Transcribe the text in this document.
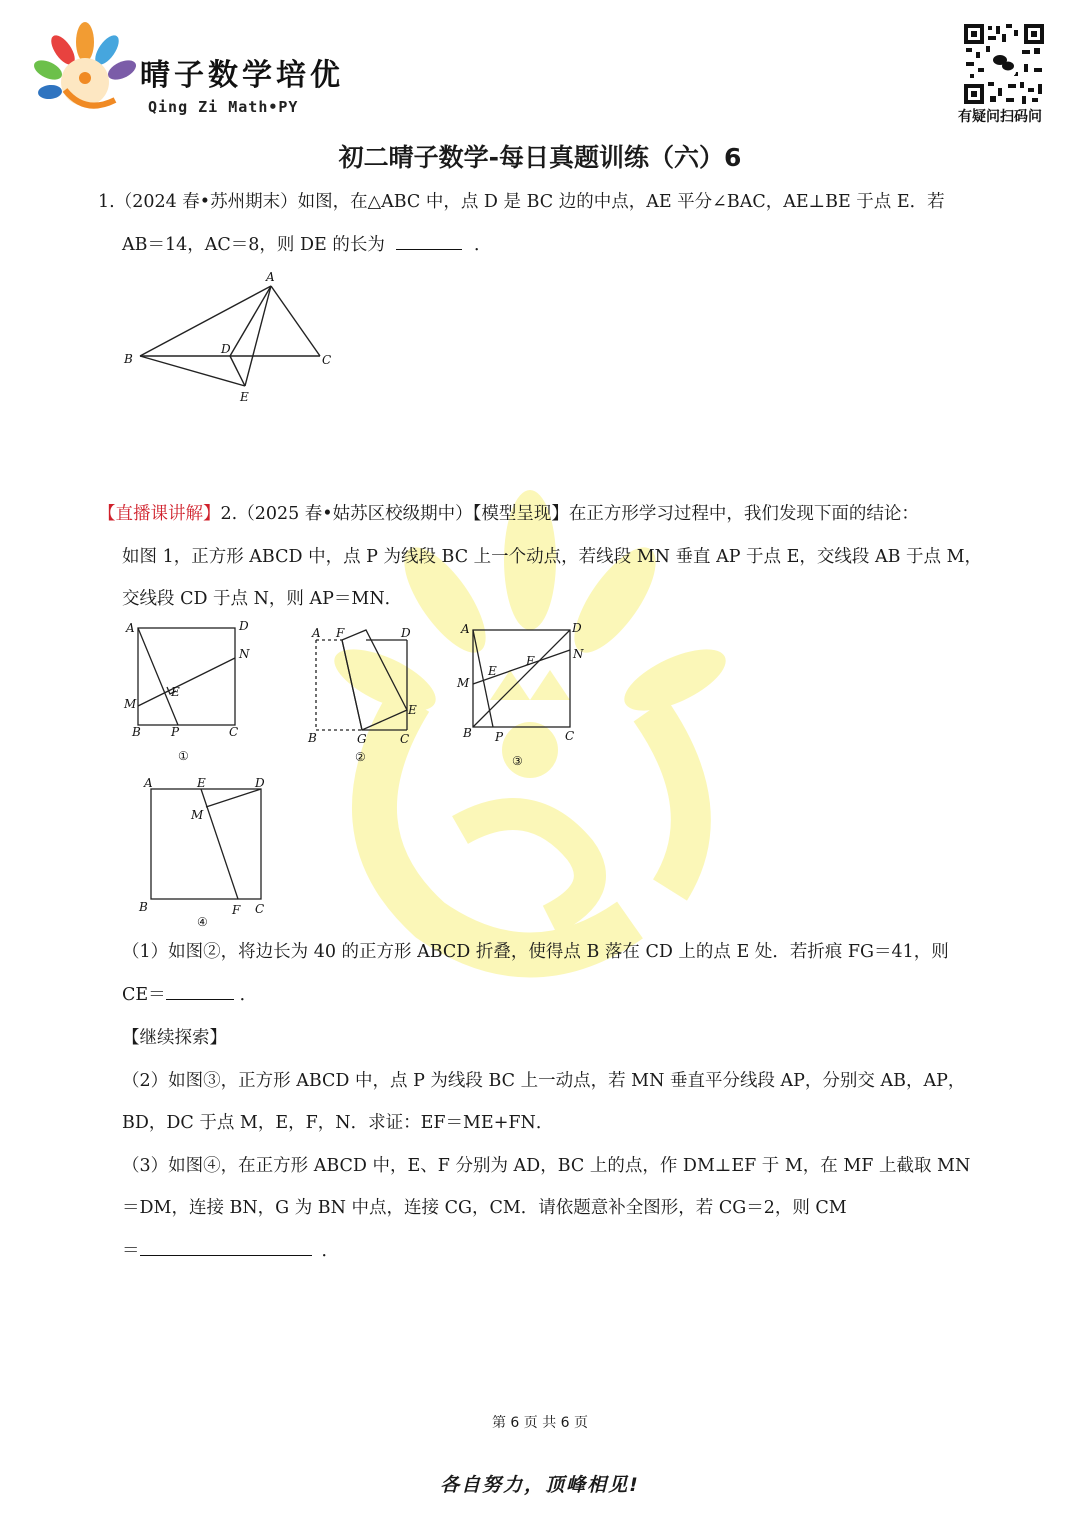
晴子数学培优
Qing Zi Math•PY
有疑问扫码问
初二晴子数学-每日真题训练（六）6
1.（2024 春•苏州期末）如图，在△ABC 中，点 D 是 BC 边的中点，AE 平分∠BAC，AE⊥BE 于点 E．若
AB＝14，AC＝8，则 DE 的长为	．
A
B	C
D
E
【直播课讲解】2.（2025 春•姑苏区校级期中）【模型呈现】在正方形学习过程中，我们发现下面的结论：
如图 1，正方形 ABCD 中，点 P 为线段 BC 上一个动点，若线段 MN 垂直 AP 于点 E，交线段 AB 于点 M，
交线段 CD 于点 N，则 AP＝MN．
A	D
N
M
E
B	P	C
①
A F	D
E
B	G	C
②
A	D
N
M
E
F
B P	C
③
A	E	D
M
B	F C
④
（1）如图②，将边长为 40 的正方形 ABCD 折叠，使得点 B 落在 CD 上的点 E 处．若折痕 FG＝41，则
CE＝	．
【继续探索】
（2）如图③，正方形 ABCD 中，点 P 为线段 BC 上一动点，若 MN 垂直平分线段 AP，分别交 AB，AP，
BD，DC 于点 M，E，F，N．求证：EF＝ME+FN．
（3）如图④，在正方形 ABCD 中，E、F 分别为 AD，BC 上的点，作 DM⊥EF 于 M，在 MF 上截取 MN
＝DM，连接 BN，G 为 BN 中点，连接 CG，CM．请依题意补全图形，若 CG＝2，则 CM
＝	．
第 6 页 共 6 页
各自努力，顶峰相见!
